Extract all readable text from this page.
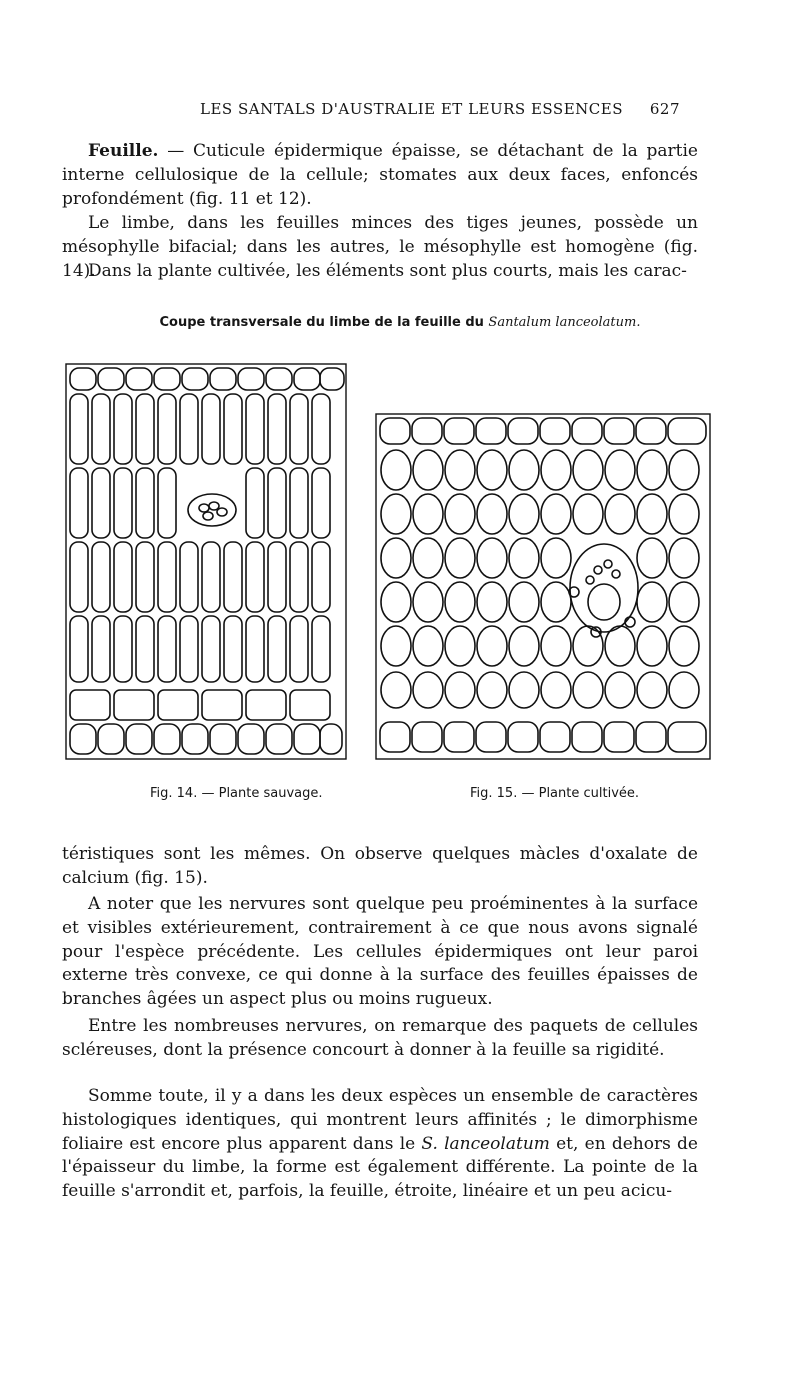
LES SANTALS D'AUSTRALIE ET LEURS ESSENCES 627

Feuille. — Cuticule épidermique épaisse, se détachant de la partie interne cellulosique de la cellule; stomates aux deux faces, enfoncés profondément (fig. 11 et 12).

Le limbe, dans les feuilles minces des tiges jeunes, possède un mésophylle bifacial; dans les autres, le mésophylle est homogène (fig. 14).

Dans la plante cultivée, les éléments sont plus courts, mais les carac-

Coupe transversale du limbe de la feuille du Santalum lanceolatum.
Fig. 14. — Plante sauvage.	Fig. 15. — Plante cultivée.

téristiques sont les mêmes. On observe quelques màcles d'oxalate de calcium (fig. 15).

A noter que les nervures sont quelque peu proéminentes à la surface et visibles extérieurement, contrairement à ce que nous avons signalé pour l'espèce précédente. Les cellules épidermiques ont leur paroi externe très convexe, ce qui donne à la surface des feuilles épaisses de branches âgées un aspect plus ou moins rugueux.

Entre les nombreuses nervures, on remarque des paquets de cellules scléreuses, dont la présence concourt à donner à la feuille sa rigidité.

Somme toute, il y a dans les deux espèces un ensemble de caractères histologiques identiques, qui montrent leurs affinités ; le dimorphisme foliaire est encore plus apparent dans le S. lanceolatum et, en dehors de l'épaisseur du limbe, la forme est également différente. La pointe de la feuille s'arrondit et, parfois, la feuille, étroite, linéaire et un peu acicu-
